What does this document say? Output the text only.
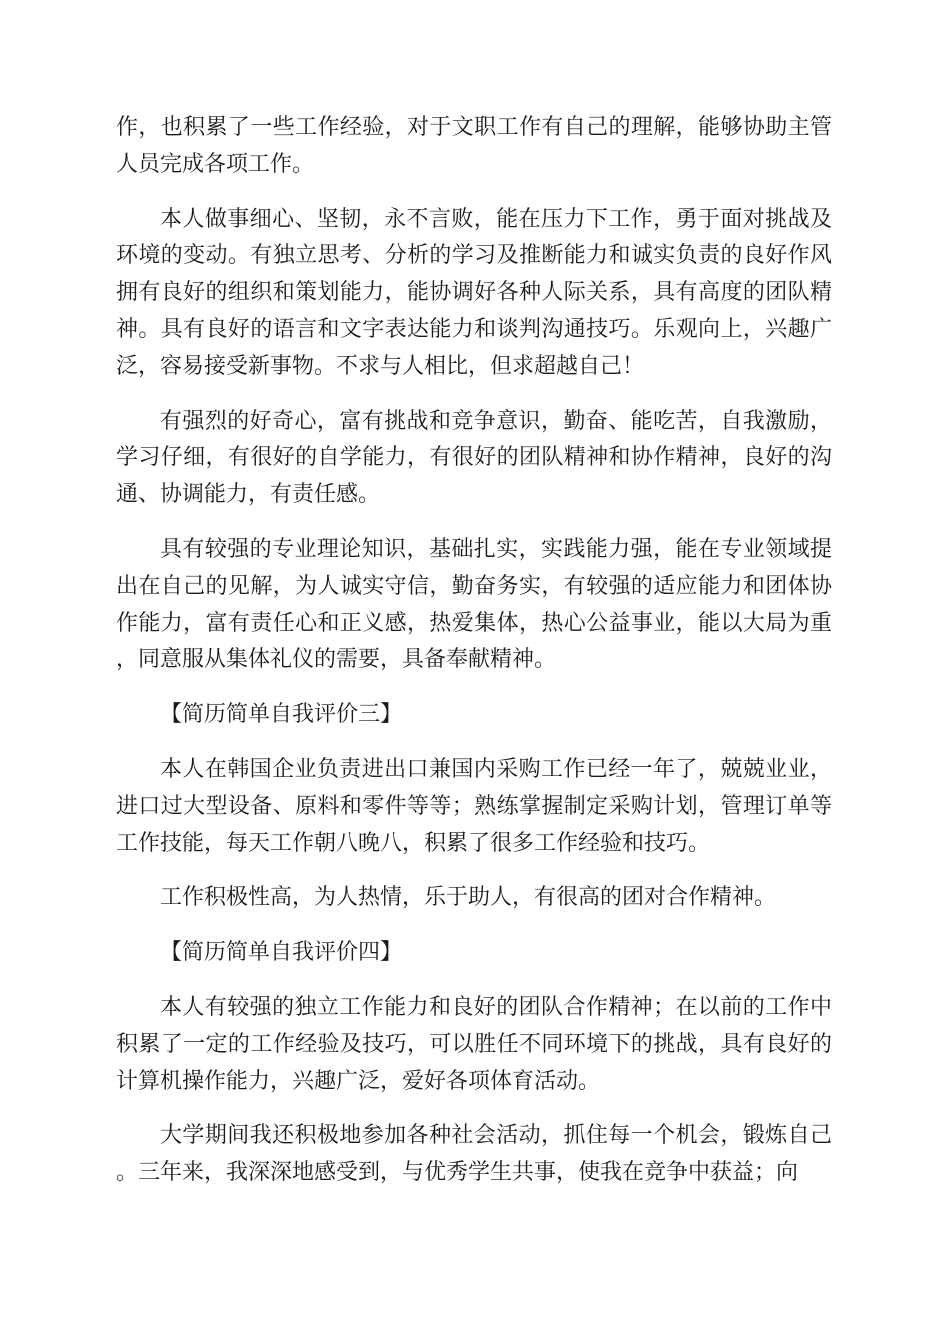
作，也积累了一些工作经验，对于文职工作有自己的理解，能够协助主管人员完成各项工作。

本人做事细心、坚韧，永不言败，能在压力下工作，勇于面对挑战及环境的变动。有独立思考、分析的学习及推断能力和诚实负责的良好作风拥有良好的组织和策划能力，能协调好各种人际关系，具有高度的团队精神。具有良好的语言和文字表达能力和谈判沟通技巧。乐观向上，兴趣广泛，容易接受新事物。不求与人相比，但求超越自己！

有强烈的好奇心，富有挑战和竞争意识，勤奋、能吃苦，自我激励，学习仔细，有很好的自学能力，有很好的团队精神和协作精神，良好的沟通、协调能力，有责任感。

具有较强的专业理论知识，基础扎实，实践能力强，能在专业领域提出在自己的见解，为人诚实守信，勤奋务实，有较强的适应能力和团体协作能力，富有责任心和正义感，热爱集体，热心公益事业，能以大局为重，同意服从集体礼仪的需要，具备奉献精神。

【简历简单自我评价三】

本人在韩国企业负责进出口兼国内采购工作已经一年了，兢兢业业，进口过大型设备、原料和零件等等；熟练掌握制定采购计划，管理订单等工作技能，每天工作朝八晚八，积累了很多工作经验和技巧。

工作积极性高，为人热情，乐于助人，有很高的团对合作精神。

【简历简单自我评价四】

本人有较强的独立工作能力和良好的团队合作精神；在以前的工作中积累了一定的工作经验及技巧，可以胜任不同环境下的挑战，具有良好的计算机操作能力，兴趣广泛，爱好各项体育活动。

大学期间我还积极地参加各种社会活动，抓住每一个机会，锻炼自己。三年来，我深深地感受到，与优秀学生共事，使我在竞争中获益；向
